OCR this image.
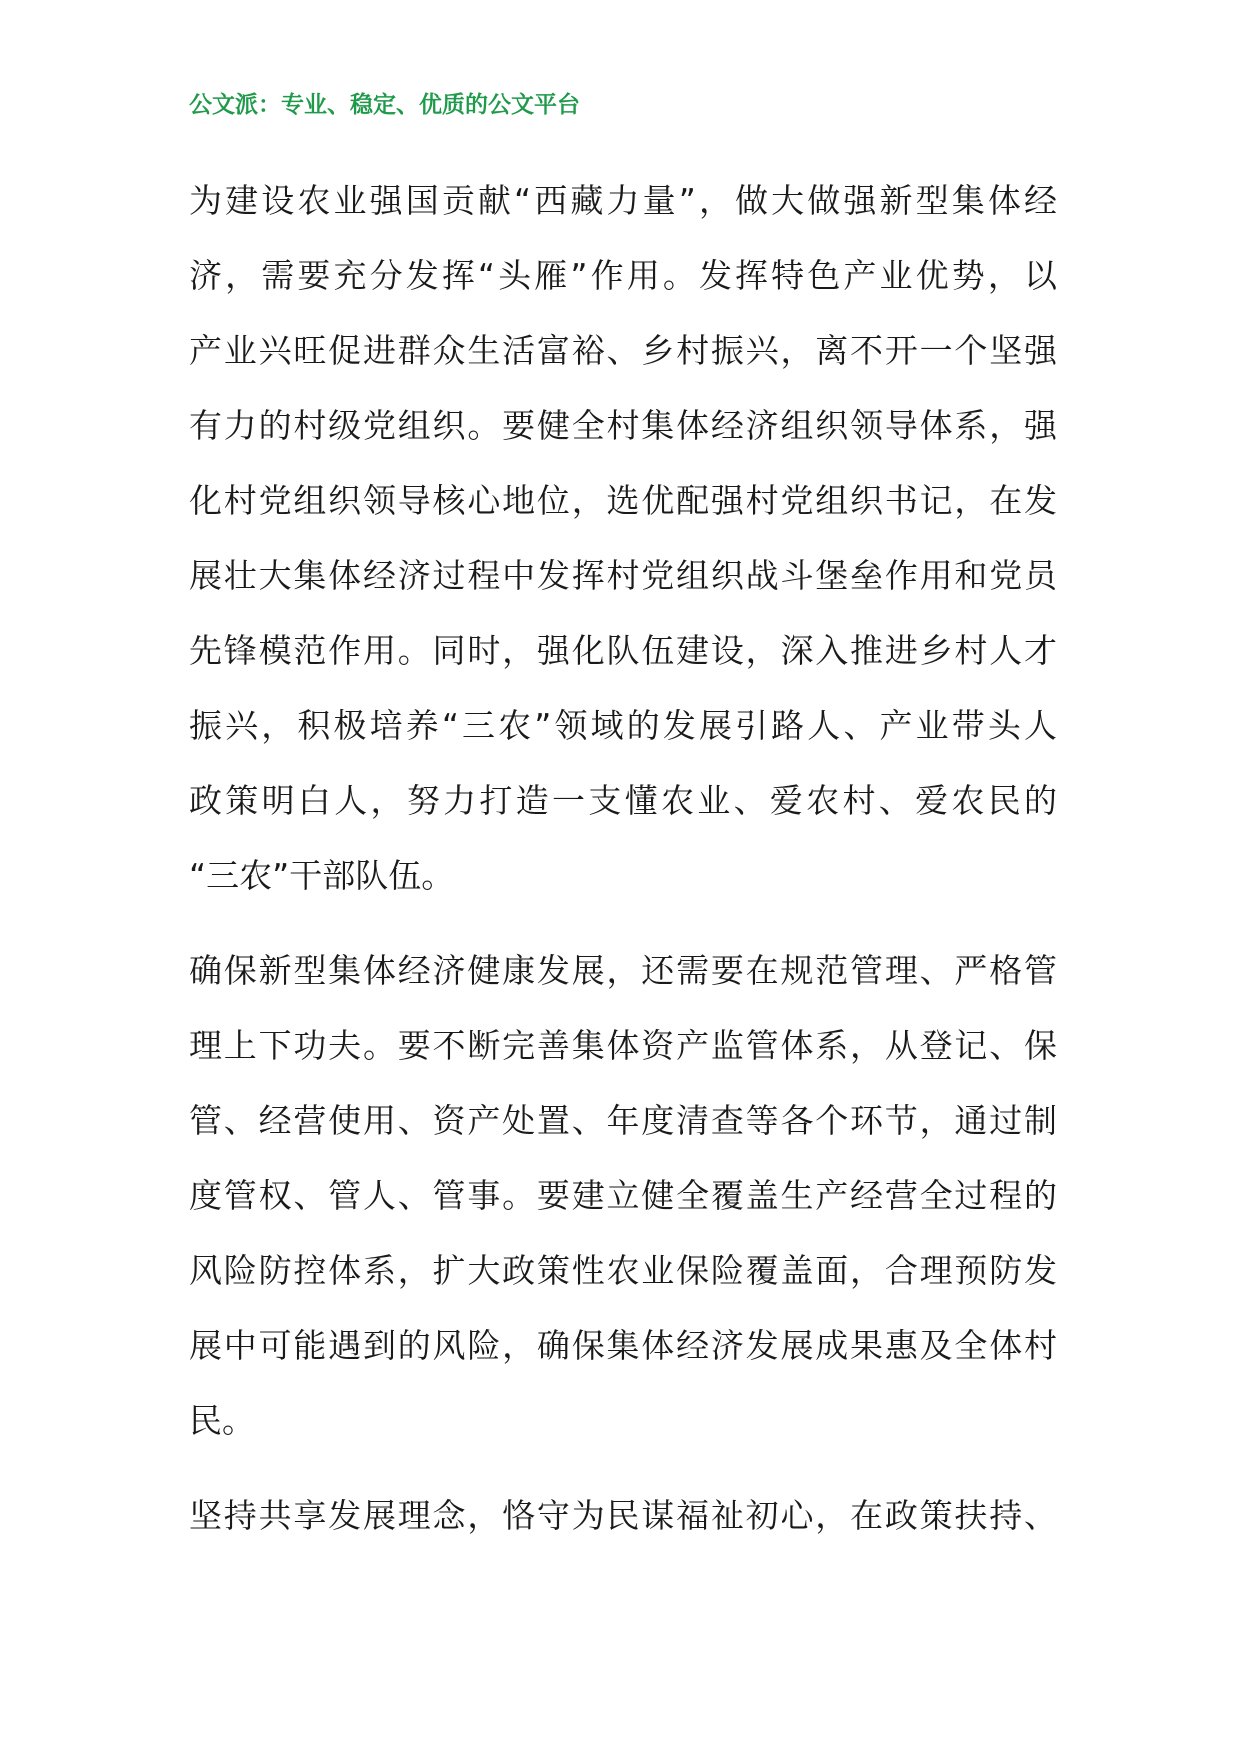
公文派：专业、稳定、优质的公文平台
为建设农业强国贡献“西藏力量”，做大做强新型集体经
济，需要充分发挥“头雁”作用。发挥特色产业优势，以
产业兴旺促进群众生活富裕、乡村振兴，离不开一个坚强
有力的村级党组织。要健全村集体经济组织领导体系，强
化村党组织领导核心地位，选优配强村党组织书记，在发
展壮大集体经济过程中发挥村党组织战斗堡垒作用和党员
先锋模范作用。同时，强化队伍建设，深入推进乡村人才
振兴，积极培养“三农”领域的发展引路人、产业带头人
政策明白人，努力打造一支懂农业、爱农村、爱农民的
“三农”干部队伍。
确保新型集体经济健康发展，还需要在规范管理、严格管
理上下功夫。要不断完善集体资产监管体系，从登记、保
管、经营使用、资产处置、年度清查等各个环节，通过制
度管权、管人、管事。要建立健全覆盖生产经营全过程的
风险防控体系，扩大政策性农业保险覆盖面，合理预防发
展中可能遇到的风险，确保集体经济发展成果惠及全体村
民。
坚持共享发展理念，恪守为民谋福祉初心，在政策扶持、
